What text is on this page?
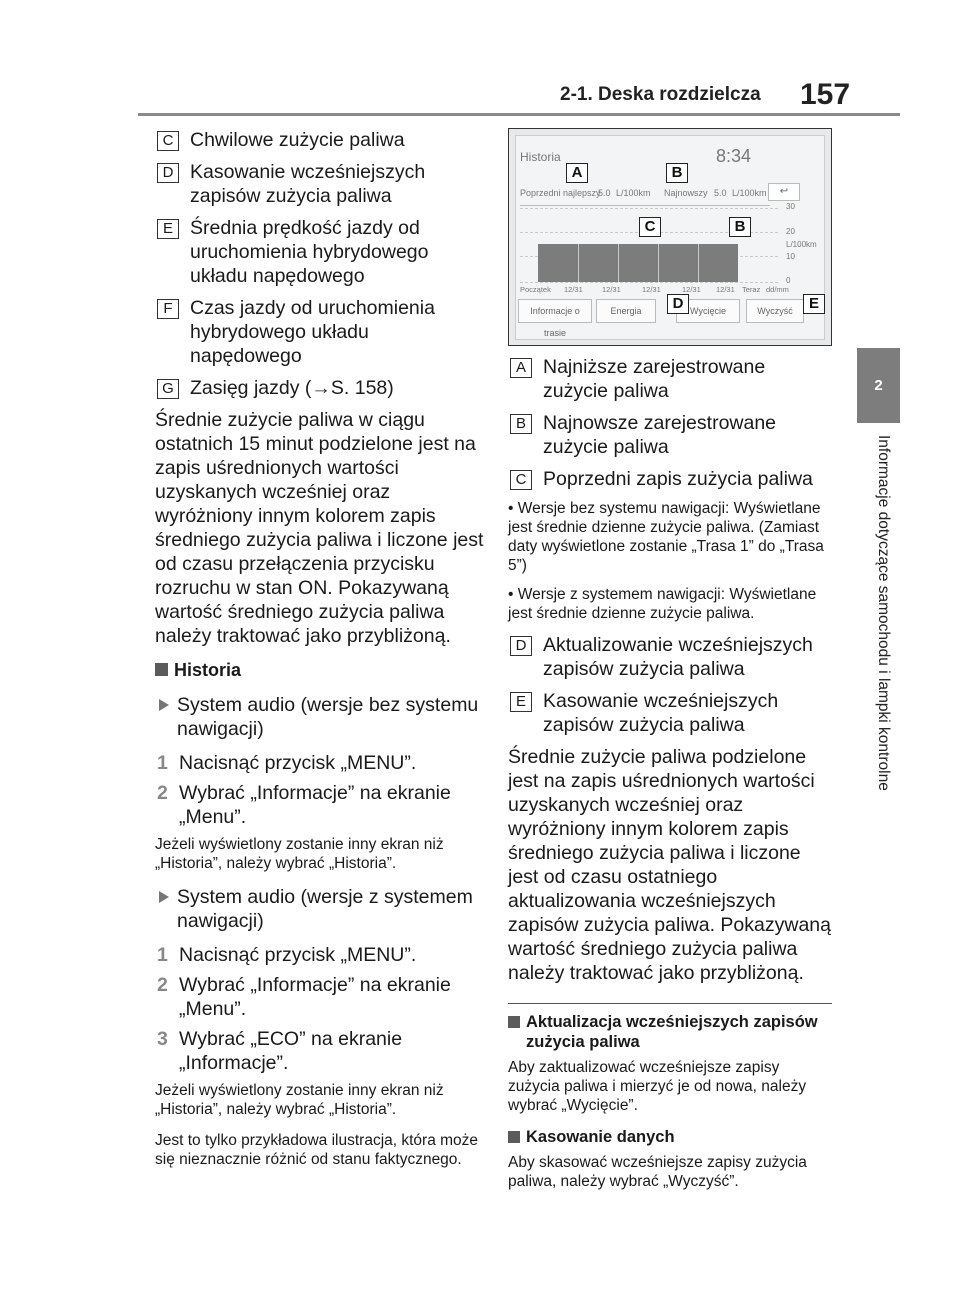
2-1. Deska rozdzielcza 157
2
Informacje dotyczące samochodu i lampki kontrolne
C Chwilowe zużycie paliwa
D Kasowanie wcześniejszych zapisów zużycia paliwa
E Średnia prędkość jazdy od uruchomienia hybrydowego układu napędowego
F Czas jazdy od uruchomienia hybrydowego układu napędowego
G Zasięg jazdy (→S. 158)

Średnie zużycie paliwa w ciągu ostatnich 15 minut podzielone jest na zapis uśrednionych wartości uzyskanych wcześniej oraz wyróżniony innym kolorem zapis średniego zużycia paliwa i liczone jest od czasu przełączenia przycisku rozruchu w stan ON. Pokazywaną wartość średniego zużycia paliwa należy traktować jako przybliżoną.

Historia
System audio (wersje bez systemu nawigacji)
1 Nacisnąć przycisk „MENU”.
2 Wybrać „Informacje” na ekranie „Menu”.

Jeżeli wyświetlony zostanie inny ekran niż „Historia”, należy wybrać „Historia”.

System audio (wersje z systemem nawigacji)
1 Nacisnąć przycisk „MENU”.
2 Wybrać „Informacje” na ekranie „Menu”.
3 Wybrać „ECO” na ekranie „Informacje”.

Jeżeli wyświetlony zostanie inny ekran niż „Historia”, należy wybrać „Historia”.

Jest to tylko przykładowa ilustracja, która może się nieznacznie różnić od stanu faktycznego.

Historia	8:34
Poprzedni najlepszy
5.0 L/100km Najnowszy 5.0 L/100km	↩
30
20
L/100km
10
0
Początek 12/31	12/31	12/31	12/31 12/31 Teraz dd/mm
Informacje o trasie
Energia	Wycięcie	Wyczyść
A	B
C	B
D	E
A Najniższe zarejestrowane zużycie paliwa
B Najnowsze zarejestrowane zużycie paliwa
C Poprzedni zapis zużycia paliwa

• Wersje bez systemu nawigacji: Wyświetlane jest średnie dzienne zużycie paliwa. (Zamiast daty wyświetlone zostanie „Trasa 1” do „Trasa 5”)

• Wersje z systemem nawigacji: Wyświetlane jest średnie dzienne zużycie paliwa.

D Aktualizowanie wcześniejszych zapisów zużycia paliwa
E Kasowanie wcześniejszych zapisów zużycia paliwa

Średnie zużycie paliwa podzielone jest na zapis uśrednionych wartości uzyskanych wcześniej oraz wyróżniony innym kolorem zapis średniego zużycia paliwa i liczone jest od czasu ostatniego aktualizowania wcześniejszych zapisów zużycia paliwa. Pokazywaną wartość średniego zużycia paliwa należy traktować jako przybliżoną.

Aktualizacja wcześniejszych zapisów zużycia paliwa

Aby zaktualizować wcześniejsze zapisy zużycia paliwa i mierzyć je od nowa, należy wybrać „Wycięcie”.

Kasowanie danych

Aby skasować wcześniejsze zapisy zużycia paliwa, należy wybrać „Wyczyść”.
